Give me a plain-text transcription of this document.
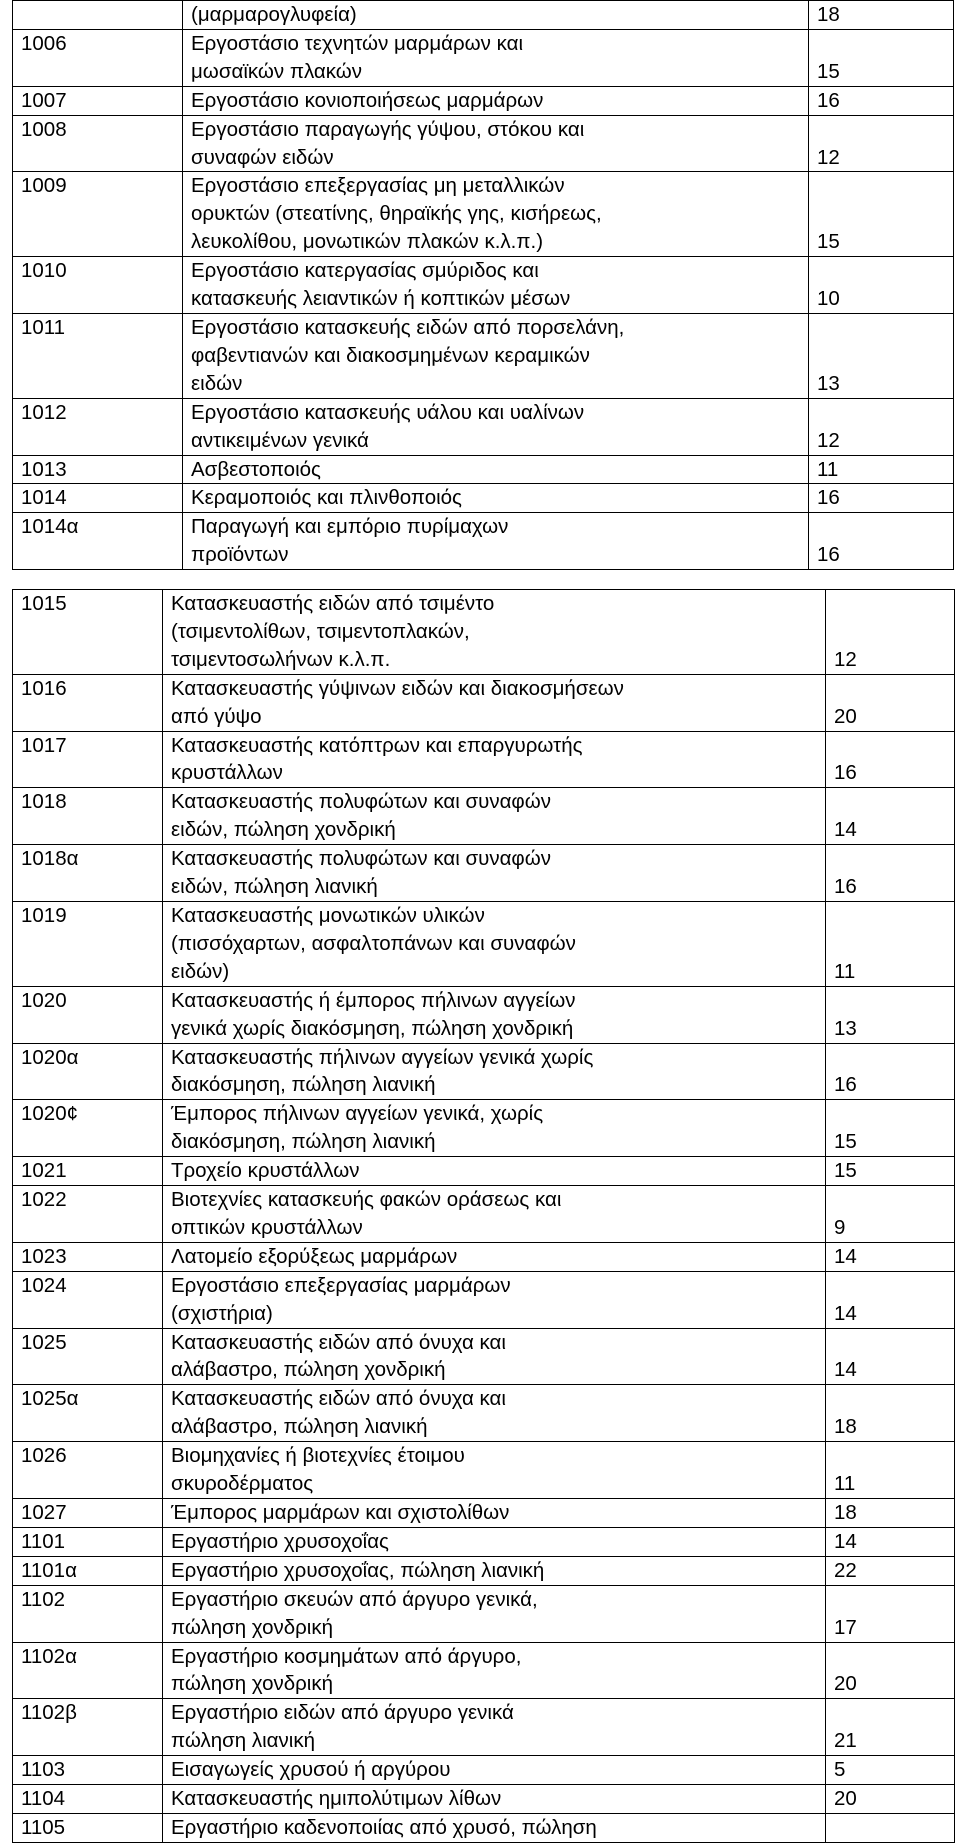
	(μαρμαρογλυφεία)	18
1006	Εργοστάσιο τεχνητών μαρμάρων και
μωσαϊκών πλακών	15
1007	Εργοστάσιο κονιοποιήσεως μαρμάρων	16
1008	Εργοστάσιο παραγωγής γύψου, στόκου και
συναφών ειδών	12
1009	Εργοστάσιο επεξεργασίας μη μεταλλικών
ορυκτών (στεατίνης, θηραϊκής γης, κισήρεως,
λευκολίθου, μονωτικών πλακών κ.λ.π.)	15
1010	Εργοστάσιο κατεργασίας σμύριδος και
κατασκευής λειαντικών ή κοπτικών μέσων	10
1011	Εργοστάσιο κατασκευής ειδών από πορσελάνη,
φαβεντιανών και διακοσμημένων κεραμικών
ειδών	13
1012	Εργοστάσιο κατασκευής υάλου και υαλίνων
αντικειμένων γενικά	12
1013	Ασβεστοποιός	11
1014	Κεραμοποιός και πλινθοποιός	16
1014α	Παραγωγή και εμπόριο πυρίμαχων
προϊόντων	16
1015	Κατασκευαστής ειδών από τσιμέντο
(τσιμεντολίθων, τσιμεντοπλακών,
τσιμεντοσωλήνων κ.λ.π.	12
1016	Κατασκευαστής γύψινων ειδών και διακοσμήσεων
από γύψο	20
1017	Κατασκευαστής κατόπτρων και επαργυρωτής
κρυστάλλων	16
1018	Κατασκευαστής πολυφώτων και συναφών
ειδών, πώληση χονδρική	14
1018α	Κατασκευαστής πολυφώτων και συναφών
ειδών, πώληση λιανική	16
1019	Κατασκευαστής μονωτικών υλικών
(πισσόχαρτων, ασφαλτοπάνων και συναφών
ειδών)	11
1020	Κατασκευαστής ή έμπορος πήλινων αγγείων
γενικά χωρίς διακόσμηση, πώληση χονδρική	13
1020α	Κατασκευαστής πήλινων αγγείων γενικά χωρίς
διακόσμηση, πώληση λιανική	16
1020¢	Έμπορος πήλινων αγγείων γενικά, χωρίς
διακόσμηση, πώληση λιανική	15
1021	Τροχείο κρυστάλλων	15
1022	Βιοτεχνίες κατασκευής φακών οράσεως και
οπτικών κρυστάλλων	9
1023	Λατομείο εξορύξεως μαρμάρων	14
1024	Εργοστάσιο επεξεργασίας μαρμάρων
(σχιστήρια)	14
1025	Κατασκευαστής ειδών από όνυχα και
αλάβαστρο, πώληση χονδρική	14
1025α	Κατασκευαστής ειδών από όνυχα και
αλάβαστρο, πώληση λιανική	18
1026	Βιομηχανίες ή βιοτεχνίες έτοιμου
σκυροδέρματος	11
1027	Έμπορος μαρμάρων και σχιστολίθων	18
1101	Εργαστήριο χρυσοχοΐας	14
1101α	Εργαστήριο χρυσοχοΐας, πώληση λιανική	22
1102	Εργαστήριο σκευών από άργυρο γενικά,
πώληση χονδρική	17
1102α	Εργαστήριο κοσμημάτων από άργυρο,
πώληση χονδρική	20
1102β	Εργαστήριο ειδών από άργυρο γενικά
πώληση λιανική	21
1103	Εισαγωγείς χρυσού ή αργύρου	5
1104	Κατασκευαστής ημιπολύτιμων λίθων	20
1105	Εργαστήριο καδενοποιίας από χρυσό, πώληση	
